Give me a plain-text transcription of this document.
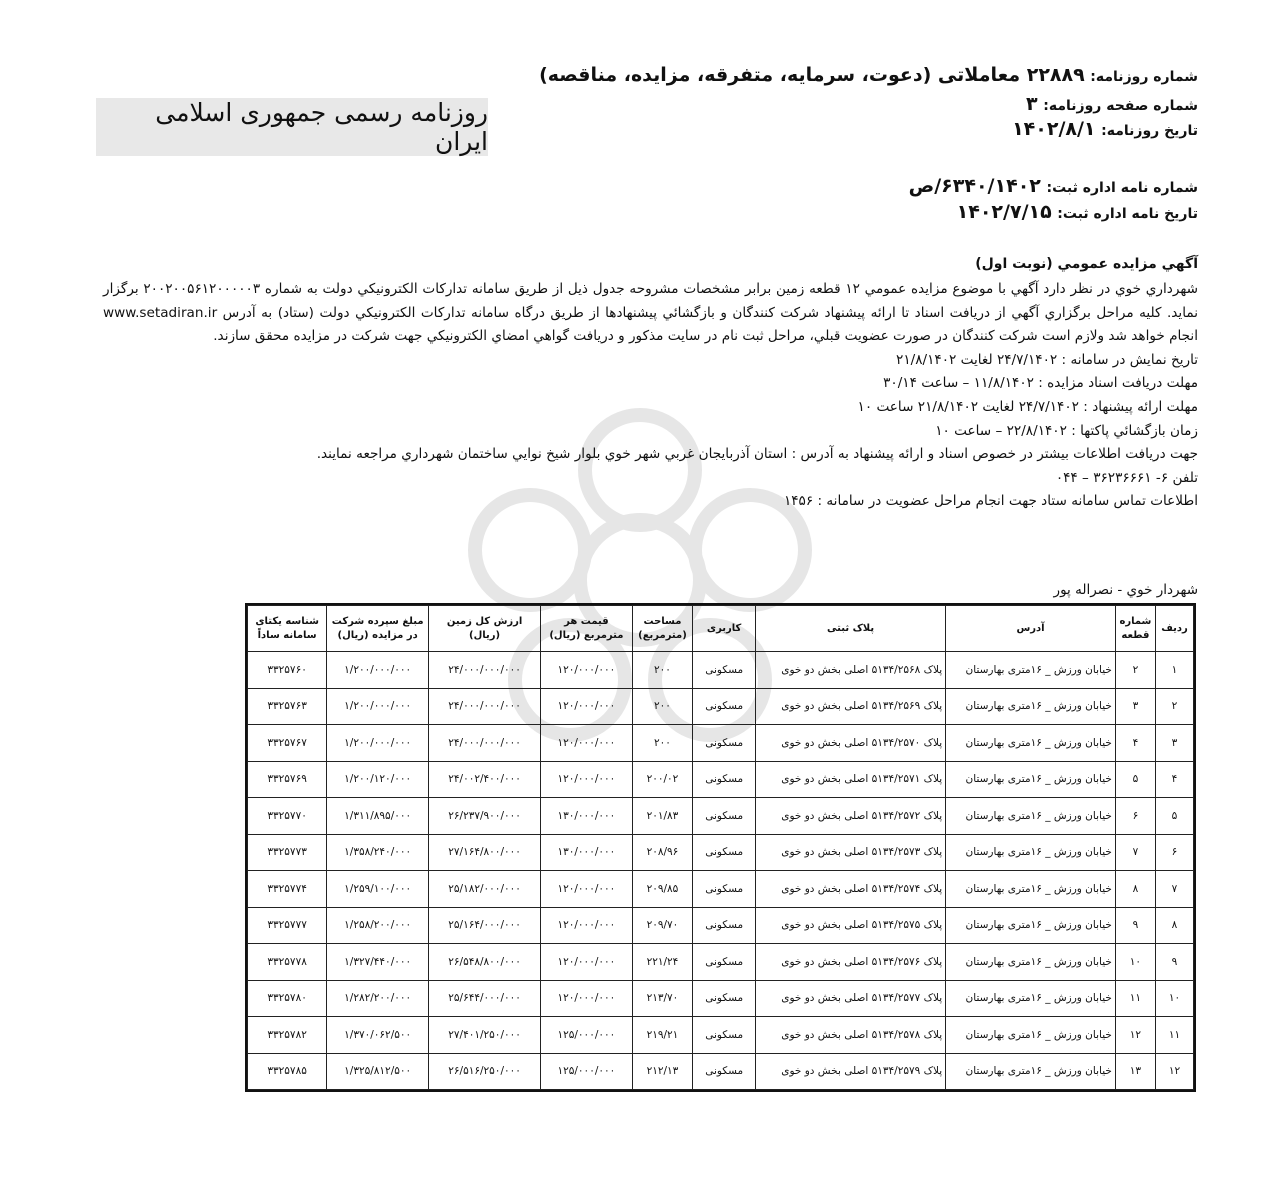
شماره روزنامه: ۲۲۸۸۹ معاملاتی (دعوت، سرمایه، متفرقه، مزایده، مناقصه)
شماره صفحه روزنامه: ۳
تاریخ روزنامه: ۱۴۰۲/۸/۱
شماره نامه اداره ثبت: ۶۳۴۰/۱۴۰۲/ص
تاریخ نامه اداره ثبت: ۱۴۰۲/۷/۱۵
روزنامه رسمی جمهوری اسلامی ایران
آگهي مزايده عمومي (نوبت اول)

شهرداري خوي در نظر دارد آگهي با موضوع مزايده عمومي ۱۲ قطعه زمين برابر مشخصات مشروحه جدول ذيل از طريق سامانه تداركات الكترونيكي دولت به شماره ۲۰۰۲۰۰۵۶۱۲۰۰۰۰۰۳ برگزار نمايد. كليه مراحل برگزاري آگهي از دريافت اسناد تا ارائه پيشنهاد شركت كنندگان و بازگشائي پيشنهادها از طريق درگاه سامانه تداركات الكترونيكي دولت (ستاد) به آدرس www.setadiran.ir انجام خواهد شد ولازم است شركت كنندگان در صورت عضويت قبلي، مراحل ثبت نام در سايت مذكور و دريافت گواهي امضاي الكترونيكي جهت شركت در مزايده محقق سازند.

تاريخ نمايش در سامانه : ۲۴/۷/۱۴۰۲ لغايت ۲۱/۸/۱۴۰۲

مهلت دريافت اسناد مزايده : ۱۱/۸/۱۴۰۲ – ساعت ۳۰/۱۴

مهلت ارائه پيشنهاد : ۲۴/۷/۱۴۰۲ لغايت ۲۱/۸/۱۴۰۲ ساعت ۱۰

زمان بازگشائي پاكتها : ۲۲/۸/۱۴۰۲ – ساعت ۱۰

جهت دريافت اطلاعات بيشتر در خصوص اسناد و ارائه پيشنهاد به آدرس : استان آذربايجان غربي شهر خوي بلوار شيخ نوايي ساختمان شهرداري مراجعه نمايند.

تلفن ۶- ۳۶۲۳۶۶۶۱ – ۰۴۴

اطلاعات تماس سامانه ستاد جهت انجام مراحل عضويت در سامانه : ۱۴۵۶

شهردار خوي - نصراله پور
رديف	شماره قطعه	آدرس	پلاک ثبتی	کاربری	مساحت (مترمربع)	قیمت هر مترمربع (ریال)	ارزش کل زمین (ریال)	مبلغ سپرده شرکت در مزایده (ریال)	شناسه یکتای سامانه ساداً
۱	۲	خیابان ورزش _ ۱۶متری بهارستان	پلاک ۵۱۳۴/۲۵۶۸ اصلی بخش دو خوی	مسکونی	۲۰۰	۱۲۰/۰۰۰/۰۰۰	۲۴/۰۰۰/۰۰۰/۰۰۰	۱/۲۰۰/۰۰۰/۰۰۰	۳۳۲۵۷۶۰
۲	۳	خیابان ورزش _ ۱۶متری بهارستان	پلاک ۵۱۳۴/۲۵۶۹ اصلی بخش دو خوی	مسکونی	۲۰۰	۱۲۰/۰۰۰/۰۰۰	۲۴/۰۰۰/۰۰۰/۰۰۰	۱/۲۰۰/۰۰۰/۰۰۰	۳۳۲۵۷۶۳
۳	۴	خیابان ورزش _ ۱۶متری بهارستان	پلاک ۵۱۳۴/۲۵۷۰ اصلی بخش دو خوی	مسکونی	۲۰۰	۱۲۰/۰۰۰/۰۰۰	۲۴/۰۰۰/۰۰۰/۰۰۰	۱/۲۰۰/۰۰۰/۰۰۰	۳۳۲۵۷۶۷
۴	۵	خیابان ورزش _ ۱۶متری بهارستان	پلاک ۵۱۳۴/۲۵۷۱ اصلی بخش دو خوی	مسکونی	۲۰۰/۰۲	۱۲۰/۰۰۰/۰۰۰	۲۴/۰۰۲/۴۰۰/۰۰۰	۱/۲۰۰/۱۲۰/۰۰۰	۳۳۲۵۷۶۹
۵	۶	خیابان ورزش _ ۱۶متری بهارستان	پلاک ۵۱۳۴/۲۵۷۲ اصلی بخش دو خوی	مسکونی	۲۰۱/۸۳	۱۳۰/۰۰۰/۰۰۰	۲۶/۲۳۷/۹۰۰/۰۰۰	۱/۳۱۱/۸۹۵/۰۰۰	۳۳۲۵۷۷۰
۶	۷	خیابان ورزش _ ۱۶متری بهارستان	پلاک ۵۱۳۴/۲۵۷۳ اصلی بخش دو خوی	مسکونی	۲۰۸/۹۶	۱۳۰/۰۰۰/۰۰۰	۲۷/۱۶۴/۸۰۰/۰۰۰	۱/۳۵۸/۲۴۰/۰۰۰	۳۳۲۵۷۷۳
۷	۸	خیابان ورزش _ ۱۶متری بهارستان	پلاک ۵۱۳۴/۲۵۷۴ اصلی بخش دو خوی	مسکونی	۲۰۹/۸۵	۱۲۰/۰۰۰/۰۰۰	۲۵/۱۸۲/۰۰۰/۰۰۰	۱/۲۵۹/۱۰۰/۰۰۰	۳۳۲۵۷۷۴
۸	۹	خیابان ورزش _ ۱۶متری بهارستان	پلاک ۵۱۳۴/۲۵۷۵ اصلی بخش دو خوی	مسکونی	۲۰۹/۷۰	۱۲۰/۰۰۰/۰۰۰	۲۵/۱۶۴/۰۰۰/۰۰۰	۱/۲۵۸/۲۰۰/۰۰۰	۳۳۲۵۷۷۷
۹	۱۰	خیابان ورزش _ ۱۶متری بهارستان	پلاک ۵۱۳۴/۲۵۷۶ اصلی بخش دو خوی	مسکونی	۲۲۱/۲۴	۱۲۰/۰۰۰/۰۰۰	۲۶/۵۴۸/۸۰۰/۰۰۰	۱/۳۲۷/۴۴۰/۰۰۰	۳۳۲۵۷۷۸
۱۰	۱۱	خیابان ورزش _ ۱۶متری بهارستان	پلاک ۵۱۳۴/۲۵۷۷ اصلی بخش دو خوی	مسکونی	۲۱۳/۷۰	۱۲۰/۰۰۰/۰۰۰	۲۵/۶۴۴/۰۰۰/۰۰۰	۱/۲۸۲/۲۰۰/۰۰۰	۳۳۲۵۷۸۰
۱۱	۱۲	خیابان ورزش _ ۱۶متری بهارستان	پلاک ۵۱۳۴/۲۵۷۸ اصلی بخش دو خوی	مسکونی	۲۱۹/۲۱	۱۲۵/۰۰۰/۰۰۰	۲۷/۴۰۱/۲۵۰/۰۰۰	۱/۳۷۰/۰۶۲/۵۰۰	۳۳۲۵۷۸۲
۱۲	۱۳	خیابان ورزش _ ۱۶متری بهارستان	پلاک ۵۱۳۴/۲۵۷۹ اصلی بخش دو خوی	مسکونی	۲۱۲/۱۳	۱۲۵/۰۰۰/۰۰۰	۲۶/۵۱۶/۲۵۰/۰۰۰	۱/۳۲۵/۸۱۲/۵۰۰	۳۳۲۵۷۸۵
